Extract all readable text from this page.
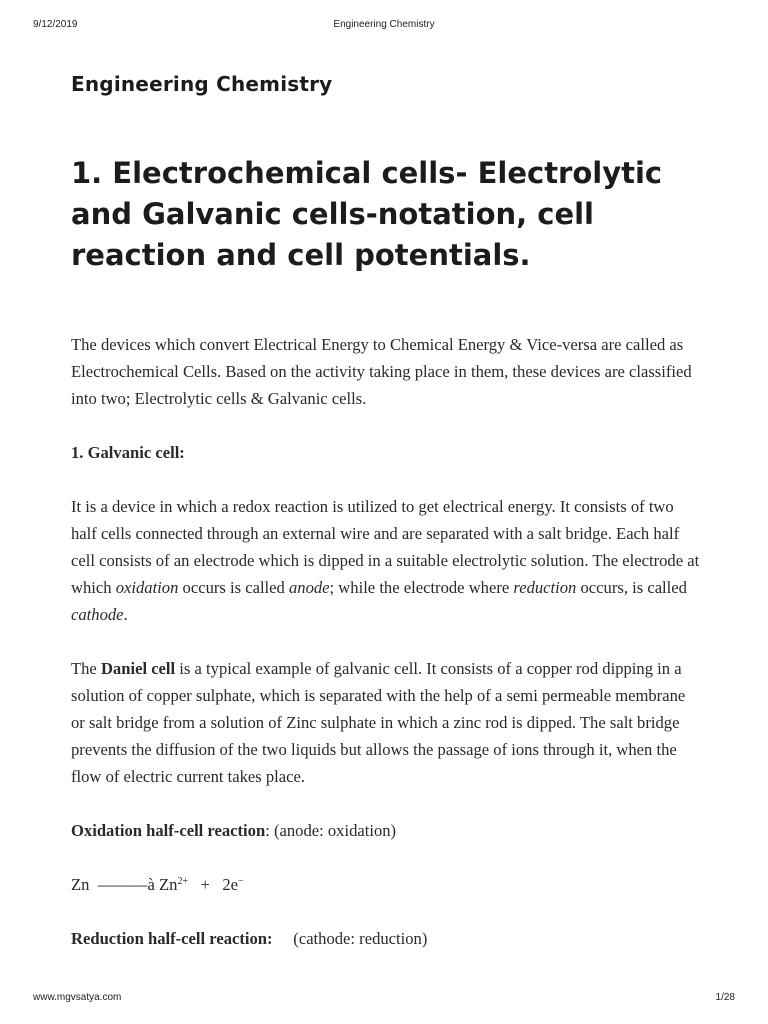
9/12/2019	Engineering Chemistry
Engineering Chemistry
1. Electrochemical cells- Electrolytic and Galvanic cells-notation, cell reaction and cell potentials.

The devices which convert Electrical Energy to Chemical Energy & Vice-versa are called as Electrochemical Cells. Based on the activity taking place in them, these devices are classified into two; Electrolytic cells & Galvanic cells.

1. Galvanic cell:

It is a device in which a redox reaction is utilized to get electrical energy. It consists of two half cells connected through an external wire and are separated with a salt bridge. Each half cell consists of an electrode which is dipped in a suitable electrolytic solution. The electrode at which oxidation occurs is called anode; while the electrode where reduction occurs, is called cathode.

The Daniel cell is a typical example of galvanic cell. It consists of a copper rod dipping in a solution of copper sulphate, which is separated with the help of a semi permeable membrane or salt bridge from a solution of Zinc sulphate in which a zinc rod is dipped. The salt bridge prevents the diffusion of the two liquids but allows the passage of ions through it, when the flow of electric current takes place.

Oxidation half-cell reaction: (anode: oxidation)

Zn  ———à $Zn^{2+} + 2e^-$

Reduction half-cell reaction:     (cathode: reduction)

www.mgvsatya.com	1/28
